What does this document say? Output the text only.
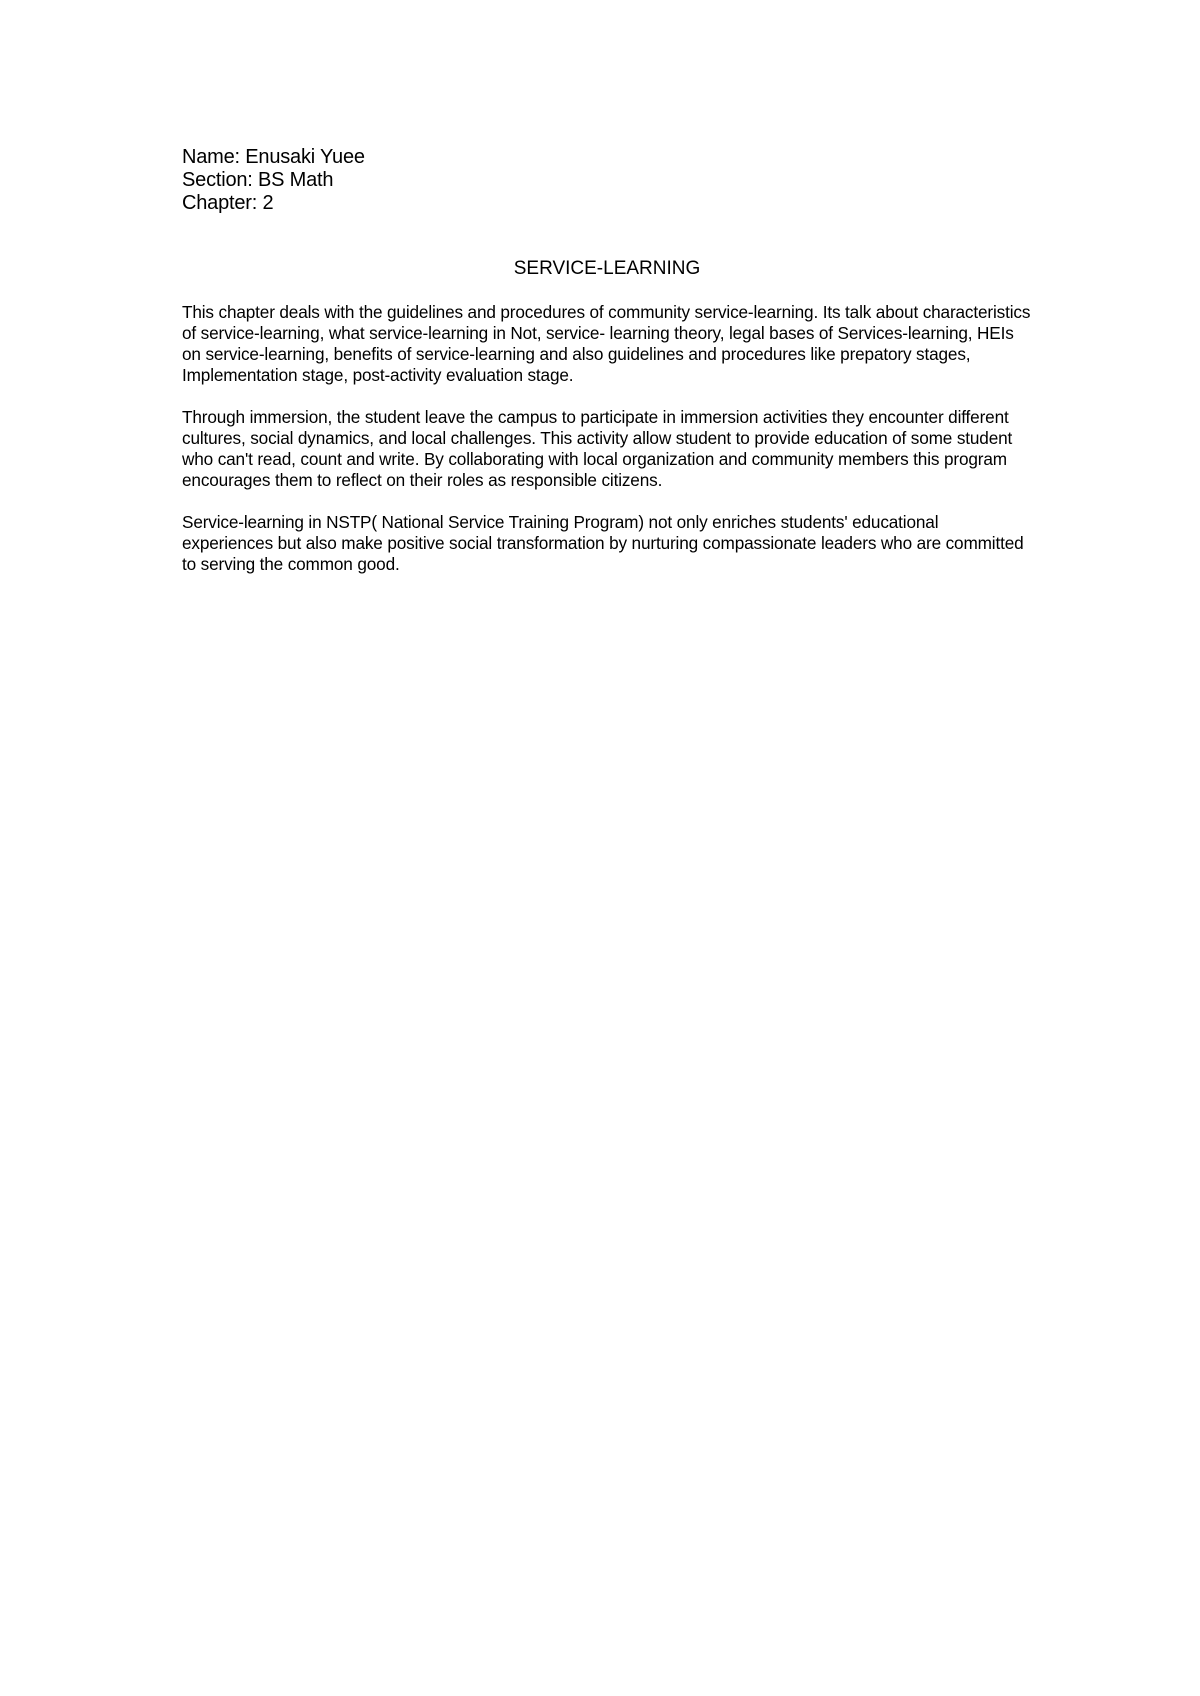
Name: Enusaki Yuee
Section: BS Math
Chapter: 2
SERVICE-LEARNING

This chapter deals with the guidelines and procedures of community service-learning. Its talk about characteristics of service-learning, what service-learning in Not, service- learning theory, legal bases of Services-learning, HEIs on service-learning, benefits of service-learning and also guidelines and procedures like prepatory stages, Implementation stage, post-activity evaluation stage.

Through immersion, the student leave the campus to participate in immersion activities they encounter different cultures, social dynamics, and local challenges. This activity allow student to provide education of some student who can't read, count and write. By collaborating with local organization and community members this program encourages them to reflect on their roles as responsible citizens.

Service-learning in NSTP( National Service Training Program) not only enriches students' educational experiences but also make positive social transformation by nurturing compassionate leaders who are committed to serving the common good.
